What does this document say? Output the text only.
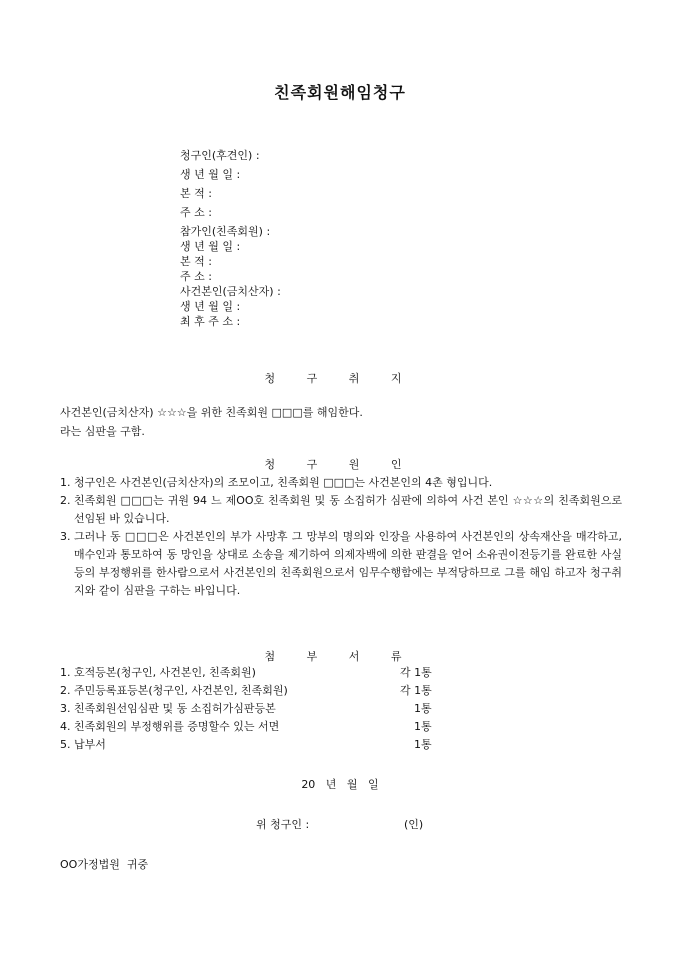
친족회원해임청구
청구인(후견인) :
생 년 월 일 :
본 적 :
주 소 :
참가인(친족회원) :
생 년 월 일 :
본 적 :
주 소 :
사건본인(금치산자) :
생 년 월 일 :
최 후 주 소 :
청 구 취 지
사건본인(금치산자) ☆☆☆을 위한 친족회원 □□□를 해임한다.
라는 심판을 구함.
청 구 원 인
1. 청구인은 사건본인(금치산자)의 조모이고, 친족회원 □□□는 사건본인의 4촌 형입니다.
2. 친족회원 □□□는 귀원 94 느 제OO호 친족회원 및 동 소집허가 심판에 의하여 사건 본인 ☆☆☆의 친족회원으로 선임된 바 있습니다.
3. 그러나 동 □□□은 사건본인의 부가 사망후 그 망부의 명의와 인장을 사용하여 사건본인의 상속재산을 매각하고, 매수인과 통모하여 동 망인을 상대로 소송을 제기하여 의제자백에 의한 판결을 얻어 소유권이전등기를 완료한 사실 등의 부정행위를 한사람으로서 사건본인의 친족회원으로서 임무수행함에는 부적당하므로 그를 해임 하고자 청구취지와 같이 심판을 구하는 바입니다.
첨 부 서 류
1. 호적등본(청구인, 사건본인, 친족회원)	각 1통
2. 주민등록표등본(청구인, 사건본인, 친족회원)	각 1통
3. 친족회원선임심판 및 동 소집허가심판등본	1통
4. 친족회원의 부정행위를 증명할수 있는 서면	1통
5. 납부서	1통
20   년   월   일
위 청구인 :	(인)
OO가정법원  귀중
